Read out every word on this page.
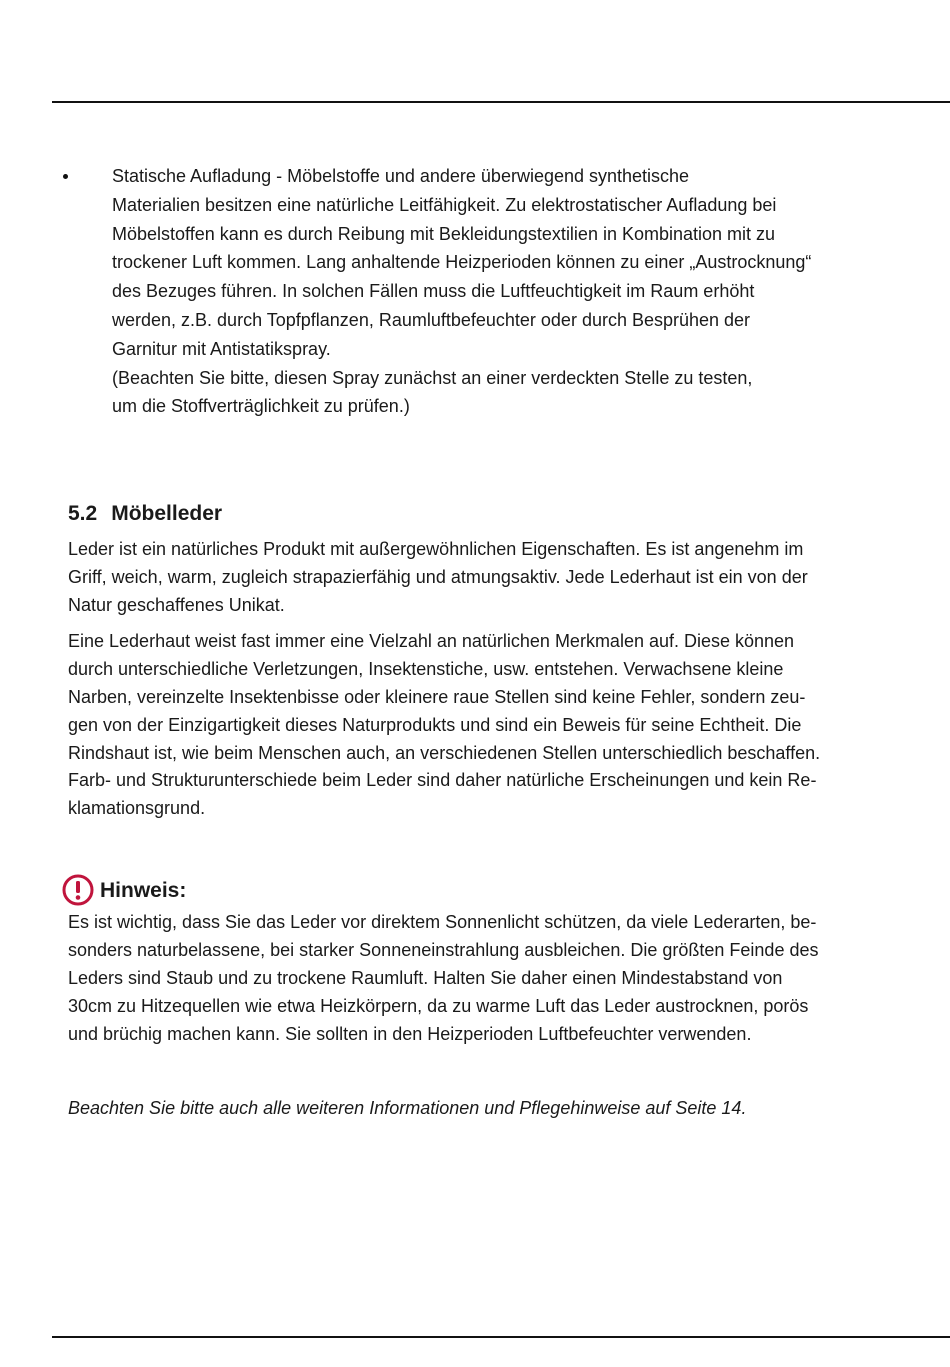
Statische Aufladung - Möbelstoffe und andere überwiegend synthetische
Materialien besitzen eine natürliche Leitfähigkeit. Zu elektrostatischer Aufladung bei
Möbelstoffen kann es durch Reibung mit Bekleidungstextilien in Kombination mit zu
trockener Luft kommen. Lang anhaltende Heizperioden können zu einer „Austrocknung“
des Bezuges führen. In solchen Fällen muss die Luftfeuchtigkeit im Raum erhöht
werden, z.B. durch Topfpflanzen, Raumluftbefeuchter oder durch Besprühen der
Garnitur mit Antistatikspray.
(Beachten Sie bitte, diesen Spray zunächst an einer verdeckten Stelle zu testen,
um die Stoffverträglichkeit zu prüfen.)
5.2 Möbelleder
Leder ist ein natürliches Produkt mit außergewöhnlichen Eigenschaften. Es ist angenehm im
Griff, weich, warm, zugleich strapazierfähig und atmungsaktiv. Jede Lederhaut ist ein von der
Natur geschaffenes Unikat.
Eine Lederhaut weist fast immer eine Vielzahl an natürlichen Merkmalen auf. Diese können
durch unterschiedliche Verletzungen, Insektenstiche, usw. entstehen. Verwachsene kleine
Narben, vereinzelte Insektenbisse oder kleinere raue Stellen sind keine Fehler, sondern zeu-
gen von der Einzigartigkeit dieses Naturprodukts und sind ein Beweis für seine Echtheit. Die
Rindshaut ist, wie beim Menschen auch, an verschiedenen Stellen unterschiedlich beschaffen.
Farb- und Strukturunterschiede beim Leder sind daher natürliche Erscheinungen und kein Re-
klamationsgrund.
Hinweis:
Es ist wichtig, dass Sie das Leder vor direktem Sonnenlicht schützen, da viele Lederarten, be-
sonders naturbelassene, bei starker Sonneneinstrahlung ausbleichen. Die größten Feinde des
Leders sind Staub und zu trockene Raumluft. Halten Sie daher einen Mindestabstand von
30cm zu Hitzequellen wie etwa Heizkörpern, da zu warme Luft das Leder austrocknen, porös
und brüchig machen kann. Sie sollten in den Heizperioden Luftbefeuchter verwenden.
Beachten Sie bitte auch alle weiteren Informationen und Pflegehinweise auf Seite 14.
